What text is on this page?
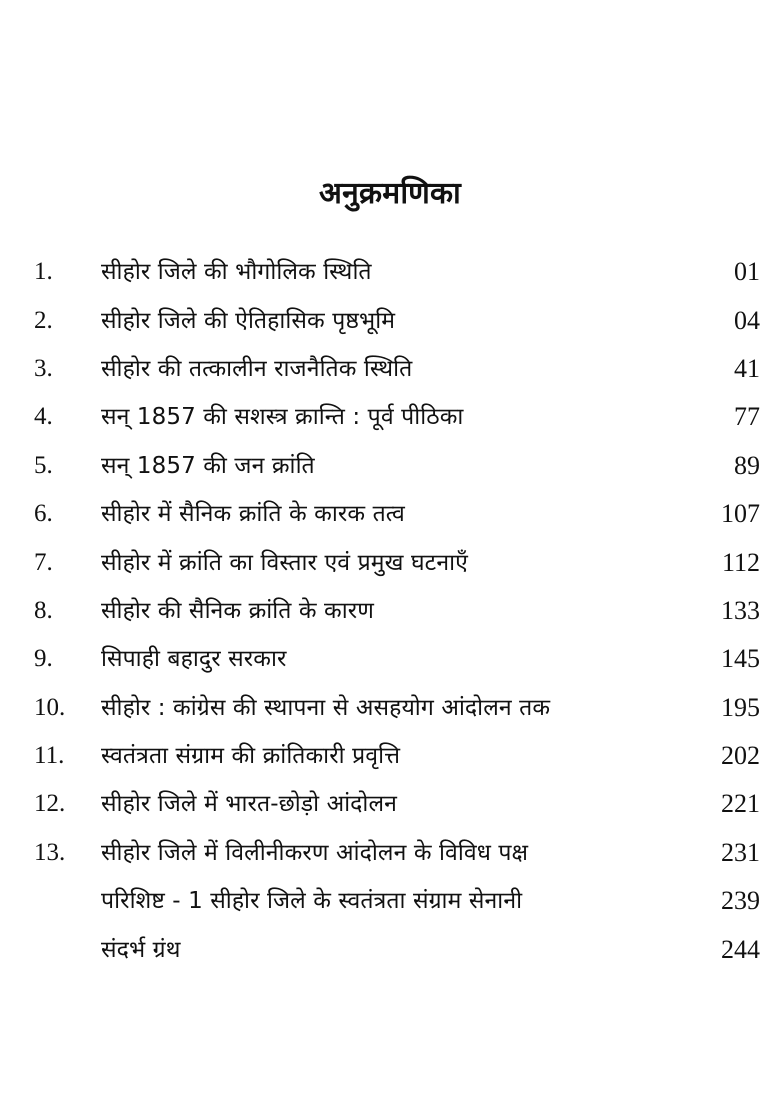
अनुक्रमणिका
1.	सीहोर जिले की भौगोलिक स्थिति	01
2.	सीहोर जिले की ऐतिहासिक पृष्ठभूमि	04
3.	सीहोर की तत्कालीन राजनैतिक स्थिति	41
4.	सन् 1857 की सशस्त्र क्रान्ति : पूर्व पीठिका	77
5.	सन् 1857 की जन क्रांति	89
6.	सीहोर में सैनिक क्रांति के कारक तत्व	107
7.	सीहोर में क्रांति का विस्तार एवं प्रमुख घटनाएँ	112
8.	सीहोर की सैनिक क्रांति के कारण	133
9.	सिपाही बहादुर सरकार	145
10.	सीहोर : कांग्रेस की स्थापना से असहयोग आंदोलन तक	195
11.	स्वतंत्रता संग्राम की क्रांतिकारी प्रवृत्ति	202
12.	सीहोर जिले में भारत-छोड़ो आंदोलन	221
13.	सीहोर जिले में विलीनीकरण आंदोलन के विविध पक्ष	231
परिशिष्ट - 1 सीहोर जिले के स्वतंत्रता संग्राम सेनानी	239
संदर्भ ग्रंथ	244
